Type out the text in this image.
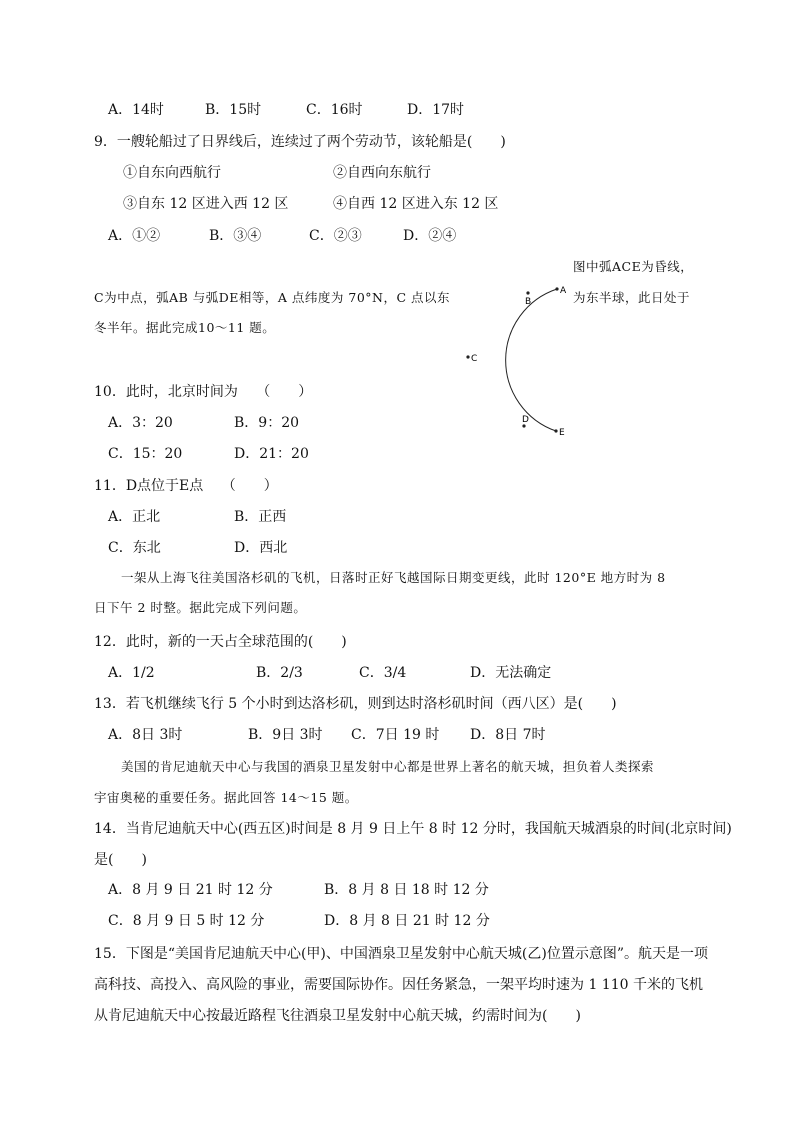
A．14时	B．15时	C．16时	D．17时
9．一艘轮船过了日界线后，连续过了两个劳动节，该轮船是(　　)
①自东向西航行	②自西向东航行
③自东 12 区进入西 12 区	④自西 12 区进入东 12 区
A．①②	B．③④	C．②③	D．②④
图中弧ACE为昏线，
C为中点，弧AB 与弧DE相等，A 点纬度为 70°N，C 点以东	为东半球，此日处于
冬半年。据此完成10～11 题。
A
B
C
D
E
10．此时，北京时间为　 （　　）
A．3：20	B．9：20
C．15：20	D．21：20
11．D点位于E点　 （　　）
A．正北	B．正西
C．东北	D．西北
一架从上海飞往美国洛杉矶的飞机，日落时正好飞越国际日期变更线，此时 120°E 地方时为 8
日下午 2 时整。据此完成下列问题。
12．此时，新的一天占全球范围的(　　)
A．1/2	B．2/3	C．3/4	D．无法确定
13．若飞机继续飞行 5 个小时到达洛杉矶，则到达时洛杉矶时间（西八区）是(　　)
A．8日 3时	B．9日 3时 C．7日 19 时 D．8日 7时
美国的肯尼迪航天中心与我国的酒泉卫星发射中心都是世界上著名的航天城，担负着人类探索
宇宙奥秘的重要任务。据此回答 14～15 题。
14．当肯尼迪航天中心(西五区)时间是 8 月 9 日上午 8 时 12 分时，我国航天城酒泉的时间(北京时间)
是(　　)
A．8 月 9 日 21 时 12 分	B．8 月 8 日 18 时 12 分
C．8 月 9 日 5 时 12 分	D．8 月 8 日 21 时 12 分
15．下图是“美国肯尼迪航天中心(甲)、中国酒泉卫星发射中心航天城(乙)位置示意图”。航天是一项
高科技、高投入、高风险的事业，需要国际协作。因任务紧急，一架平均时速为 1 110 千米的飞机
从肯尼迪航天中心按最近路程飞往酒泉卫星发射中心航天城，约需时间为(　　)
